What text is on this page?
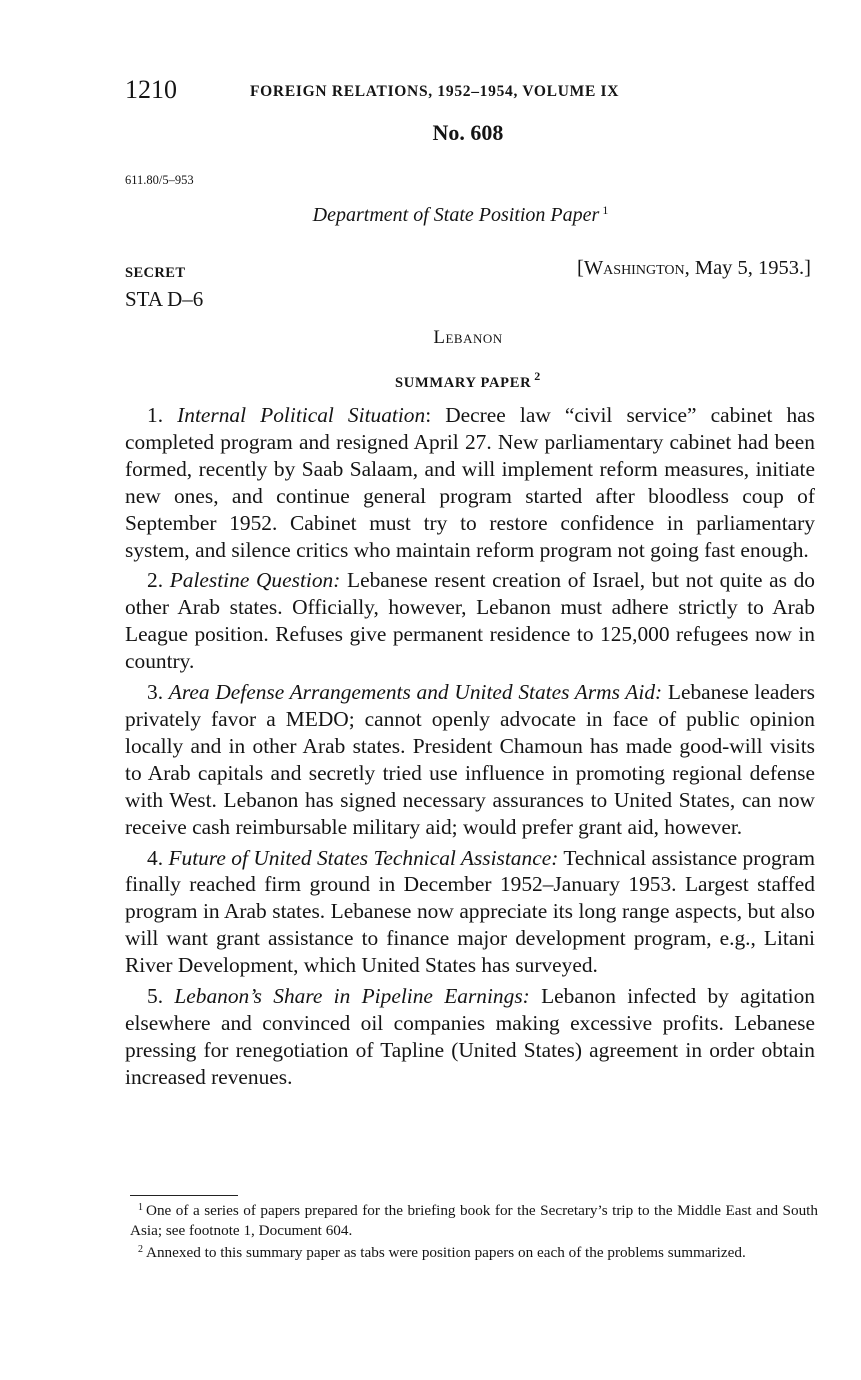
1210	FOREIGN RELATIONS, 1952–1954, VOLUME IX
No. 608
611.80/5–953
Department of State Position Paper $^1$
SECRET
STA D–6
[Washington, May 5, 1953.]
Lebanon
SUMMARY PAPER $^2$

1. Internal Political Situation: Decree law “civil service” cabinet has completed program and resigned April 27. New parliamentary cabinet had been formed, recently by Saab Salaam, and will implement reform measures, initiate new ones, and continue general program started after bloodless coup of September 1952. Cabinet must try to restore confidence in parliamentary system, and silence critics who maintain reform program not going fast enough.

2. Palestine Question: Lebanese resent creation of Israel, but not quite as do other Arab states. Officially, however, Lebanon must adhere strictly to Arab League position. Refuses give permanent residence to 125,000 refugees now in country.

3. Area Defense Arrangements and United States Arms Aid: Lebanese leaders privately favor a MEDO; cannot openly advocate in face of public opinion locally and in other Arab states. President Chamoun has made good-will visits to Arab capitals and secretly tried use influence in promoting regional defense with West. Lebanon has signed necessary assurances to United States, can now receive cash reimbursable military aid; would prefer grant aid, however.

4. Future of United States Technical Assistance: Technical assistance program finally reached firm ground in December 1952–January 1953. Largest staffed program in Arab states. Lebanese now appreciate its long range aspects, but also will want grant assistance to finance major development program, e.g., Litani River Development, which United States has surveyed.

5. Lebanon’s Share in Pipeline Earnings: Lebanon infected by agitation elsewhere and convinced oil companies making excessive profits. Lebanese pressing for renegotiation of Tapline (United States) agreement in order obtain increased revenues.

$^1$ One of a series of papers prepared for the briefing book for the Secretary’s trip to the Middle East and South Asia; see footnote 1, Document 604.

$^2$ Annexed to this summary paper as tabs were position papers on each of the problems summarized.
